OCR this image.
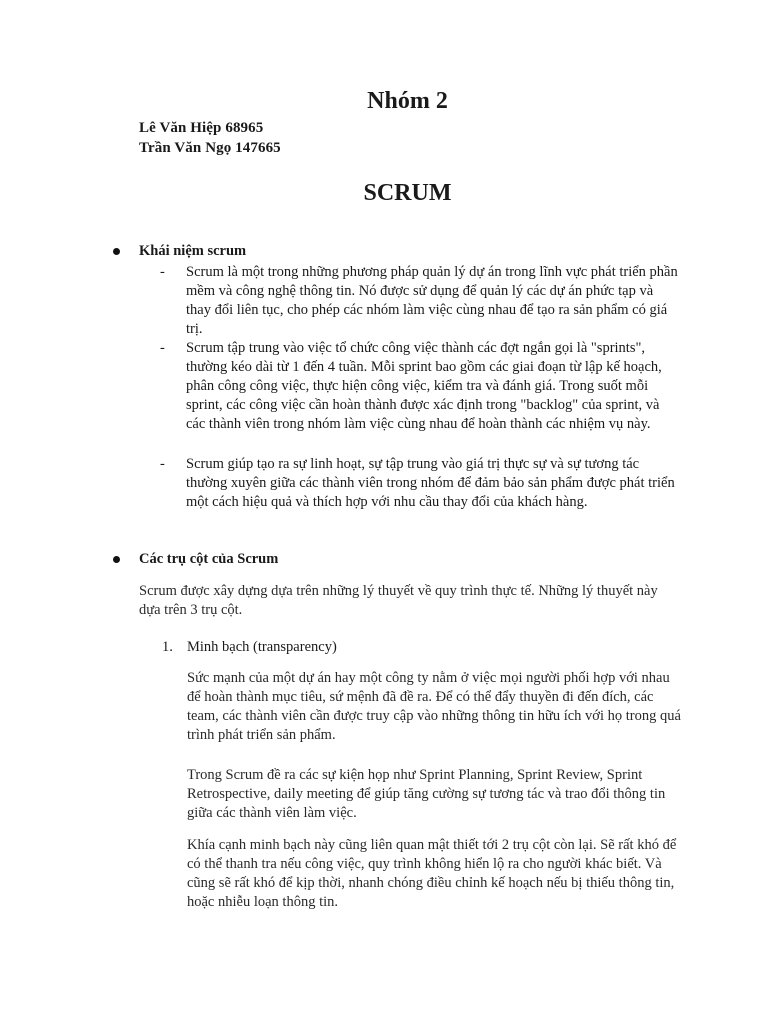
Nhóm 2

Lê Văn Hiệp 68965

Trần Văn Ngọ 147665

SCRUM
Khái niệm scrum
- Scrum là một trong những phương pháp quản lý dự án trong lĩnh vực phát triển phần mềm và công nghệ thông tin. Nó được sử dụng để quản lý các dự án phức tạp và thay đổi liên tục, cho phép các nhóm làm việc cùng nhau để tạo ra sản phẩm có giá trị.
- Scrum tập trung vào việc tổ chức công việc thành các đợt ngắn gọi là "sprints", thường kéo dài từ 1 đến 4 tuần. Mỗi sprint bao gồm các giai đoạn từ lập kế hoạch, phân công công việc, thực hiện công việc, kiểm tra và đánh giá. Trong suốt mỗi sprint, các công việc cần hoàn thành được xác định trong "backlog" của sprint, và các thành viên trong nhóm làm việc cùng nhau để hoàn thành các nhiệm vụ này.
- Scrum giúp tạo ra sự linh hoạt, sự tập trung vào giá trị thực sự và sự tương tác thường xuyên giữa các thành viên trong nhóm để đảm bảo sản phẩm được phát triển một cách hiệu quả và thích hợp với nhu cầu thay đổi của khách hàng.
Các trụ cột của Scrum

Scrum được xây dựng dựa trên những lý thuyết về quy trình thực tế. Những lý thuyết này dựa trên 3 trụ cột.

1. Minh bạch (transparency)

Sức mạnh của một dự án hay một công ty nằm ở việc mọi người phối hợp với nhau để hoàn thành mục tiêu, sứ mệnh đã đề ra. Để có thể đẩy thuyền đi đến đích, các team, các thành viên cần được truy cập vào những thông tin hữu ích với họ trong quá trình phát triển sản phẩm.

Trong Scrum đề ra các sự kiện họp như Sprint Planning, Sprint Review, Sprint Retrospective, daily meeting để giúp tăng cường sự tương tác và trao đổi thông tin giữa các thành viên làm việc.

Khía cạnh minh bạch này cũng liên quan mật thiết tới 2 trụ cột còn lại. Sẽ rất khó để có thể thanh tra nếu công việc, quy trình không hiển lộ ra cho người khác biết. Và cũng sẽ rất khó để kịp thời, nhanh chóng điều chỉnh kế hoạch nếu bị thiếu thông tin, hoặc nhiễu loạn thông tin.
